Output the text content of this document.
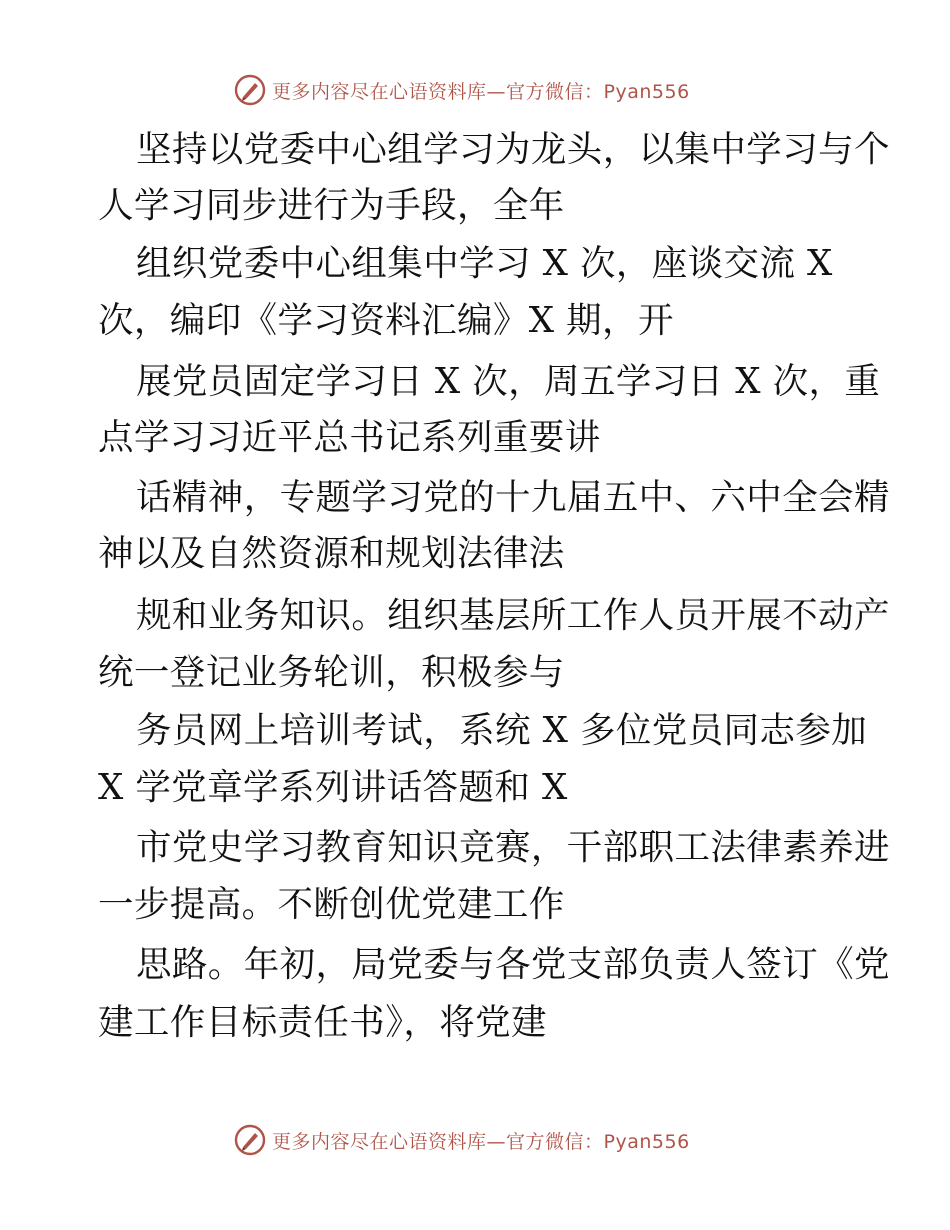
更多内容尽在心语资料库—官方微信：Pyan556
坚持以党委中心组学习为龙头，以集中学习与个
人学习同步进行为手段，全年
组织党委中心组集中学习 X 次，座谈交流 X
次，编印《学习资料汇编》X 期，开
展党员固定学习日 X 次，周五学习日 X 次，重
点学习习近平总书记系列重要讲
话精神，专题学习党的十九届五中、六中全会精
神以及自然资源和规划法律法
规和业务知识。组织基层所工作人员开展不动产
统一登记业务轮训，积极参与
务员网上培训考试，系统 X 多位党员同志参加
X 学党章学系列讲话答题和 X
市党史学习教育知识竞赛，干部职工法律素养进
一步提高。不断创优党建工作
思路。年初，局党委与各党支部负责人签订《党
建工作目标责任书》，将党建
更多内容尽在心语资料库—官方微信：Pyan556
